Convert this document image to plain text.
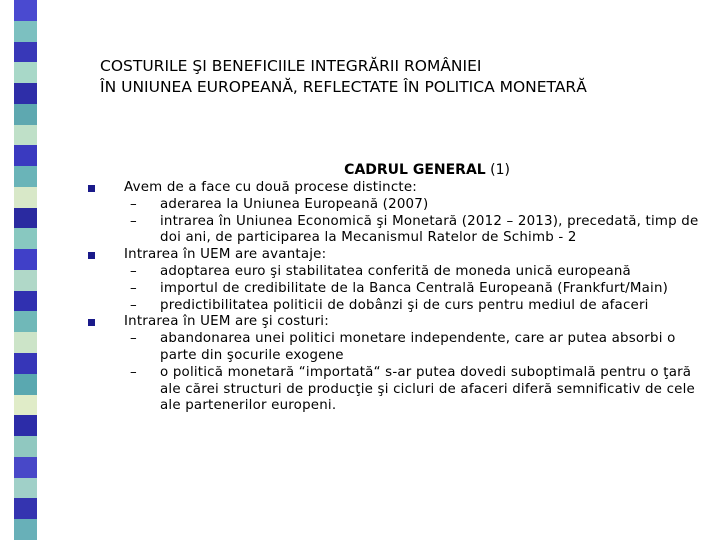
COSTURILE ŞI BENEFICIILE INTEGRĂRII ROMÂNIEI
ÎN UNIUNEA EUROPEANĂ, REFLECTATE ÎN POLITICA MONETARĂ
CADRUL GENERAL (1)
Avem de a face cu două procese distincte:
– aderarea la Uniunea Europeană (2007)
– intrarea în Uniunea Economică şi Monetară (2012 – 2013), precedată, timp de doi ani, de participarea la Mecanismul Ratelor de Schimb - 2
Intrarea în UEM are avantaje:
– adoptarea euro şi stabilitatea conferită de moneda unică europeană
– importul de credibilitate de la Banca Centrală Europeană (Frankfurt/Main)
– predictibilitatea politicii de dobânzi şi de curs pentru mediul de afaceri
Intrarea în UEM are şi costuri:
– abandonarea unei politici monetare independente, care ar putea absorbi o parte din şocurile exogene
– o politică monetară “importată“ s-ar putea dovedi suboptimală pentru o ţară ale cărei structuri de producţie şi cicluri de afaceri diferă semnificativ de cele ale partenerilor europeni.
